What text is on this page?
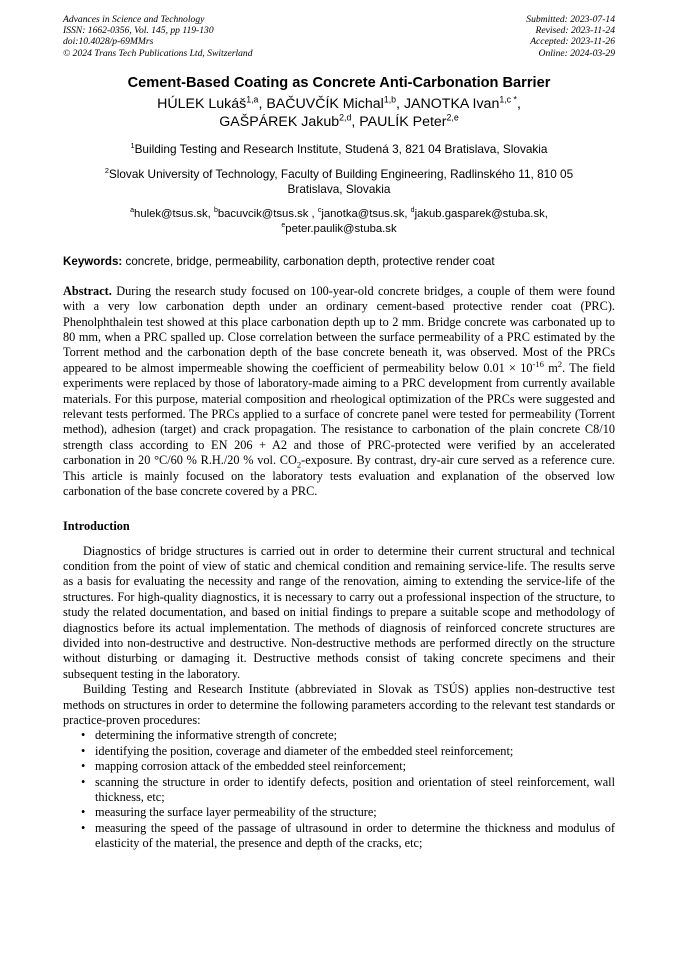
Advances in Science and Technology
ISSN: 1662-0356, Vol. 145, pp 119-130
doi:10.4028/p-69MMrs
© 2024 Trans Tech Publications Ltd, Switzerland
Submitted: 2023-07-14
Revised: 2023-11-24
Accepted: 2023-11-26
Online: 2024-03-29
Cement-Based Coating as Concrete Anti-Carbonation Barrier
HÚLEK Lukáš$^{1,a}$, BAČUVČÍK Michal$^{1,b}$, JANOTKA Ivan$^{1,c *}$,
GAŠPÁREK Jakub$^{2,d}$, PAULÍK Peter$^{2,e}$
$^1$Building Testing and Research Institute, Studená 3, 821 04 Bratislava, Slovakia
$^2$Slovak University of Technology, Faculty of Building Engineering, Radlinského 11, 810 05 Bratislava, Slovakia
$^a$hulek@tsus.sk, $^b$bacuvcik@tsus.sk , $^c$janotka@tsus.sk, $^d$jakub.gasparek@stuba.sk, $^e$peter.paulik@stuba.sk
Keywords: concrete, bridge, permeability, carbonation depth, protective render coat
Abstract. During the research study focused on 100-year-old concrete bridges, a couple of them were found with a very low carbonation depth under an ordinary cement-based protective render coat (PRC). Phenolphthalein test showed at this place carbonation depth up to 2 mm. Bridge concrete was carbonated up to 80 mm, when a PRC spalled up. Close correlation between the surface permeability of a PRC estimated by the Torrent method and the carbonation depth of the base concrete beneath it, was observed. Most of the PRCs appeared to be almost impermeable showing the coefficient of permeability below $0.01 \times 10^{-16}$ $m^2$. The field experiments were replaced by those of laboratory-made aiming to a PRC development from currently available materials. For this purpose, material composition and rheological optimization of the PRCs were suggested and relevant tests performed. The PRCs applied to a surface of concrete panel were tested for permeability (Torrent method), adhesion (target) and crack propagation. The resistance to carbonation of the plain concrete C8/10 strength class according to EN 206 + A2 and those of PRC-protected were verified by an accelerated carbonation in 20 °C/60 % R.H./20 % vol. $CO_2$-exposure. By contrast, dry-air cure served as a reference cure. This article is mainly focused on the laboratory tests evaluation and explanation of the observed low carbonation of the base concrete covered by a PRC.
Introduction

Diagnostics of bridge structures is carried out in order to determine their current structural and technical condition from the point of view of static and chemical condition and remaining service-life. The results serve as a basis for evaluating the necessity and range of the renovation, aiming to extending the service-life of the structures. For high-quality diagnostics, it is necessary to carry out a professional inspection of the structure, to study the related documentation, and based on initial findings to prepare a suitable scope and methodology of diagnostics before its actual implementation. The methods of diagnosis of reinforced concrete structures are divided into non-destructive and destructive. Non-destructive methods are performed directly on the structure without disturbing or damaging it. Destructive methods consist of taking concrete specimens and their subsequent testing in the laboratory.

Building Testing and Research Institute (abbreviated in Slovak as TSÚS) applies non-destructive test methods on structures in order to determine the following parameters according to the relevant test standards or practice-proven procedures:

• determining the informative strength of concrete;
• identifying the position, coverage and diameter of the embedded steel reinforcement;
• mapping corrosion attack of the embedded steel reinforcement;
• scanning the structure in order to identify defects, position and orientation of steel reinforcement, wall thickness, etc;
• measuring the surface layer permeability of the structure;
• measuring the speed of the passage of ultrasound in order to determine the thickness and modulus of elasticity of the material, the presence and depth of the cracks, etc;
